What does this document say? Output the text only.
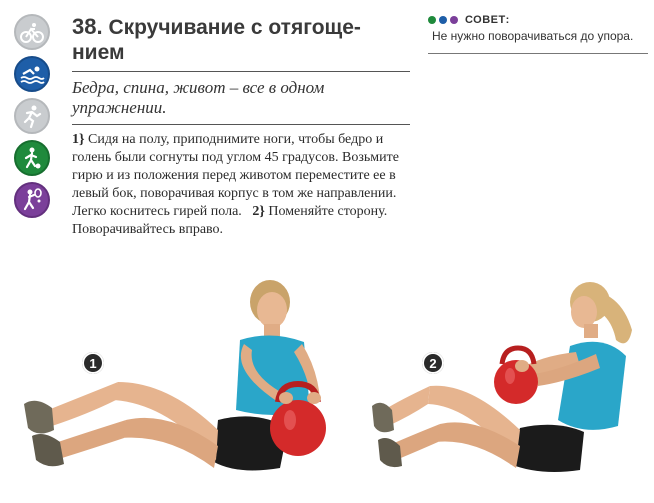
38. Скручивание с отягоще-
нием
Бедра, спина, живот – все в одном упражнении.
1} Сидя на полу, приподнимите ноги, чтобы бедро и голень были согнуты под углом 45 градусов. Возьмите гирю и из положения перед животом переместите ее в левый бок, поворачивая корпус в том же направлении. Легко коснитесь гирей пола. 2} Поменяйте сторону. Поворачивайтесь вправо.
СОВЕТ:
Не нужно поворачиваться до упора.
1	2
